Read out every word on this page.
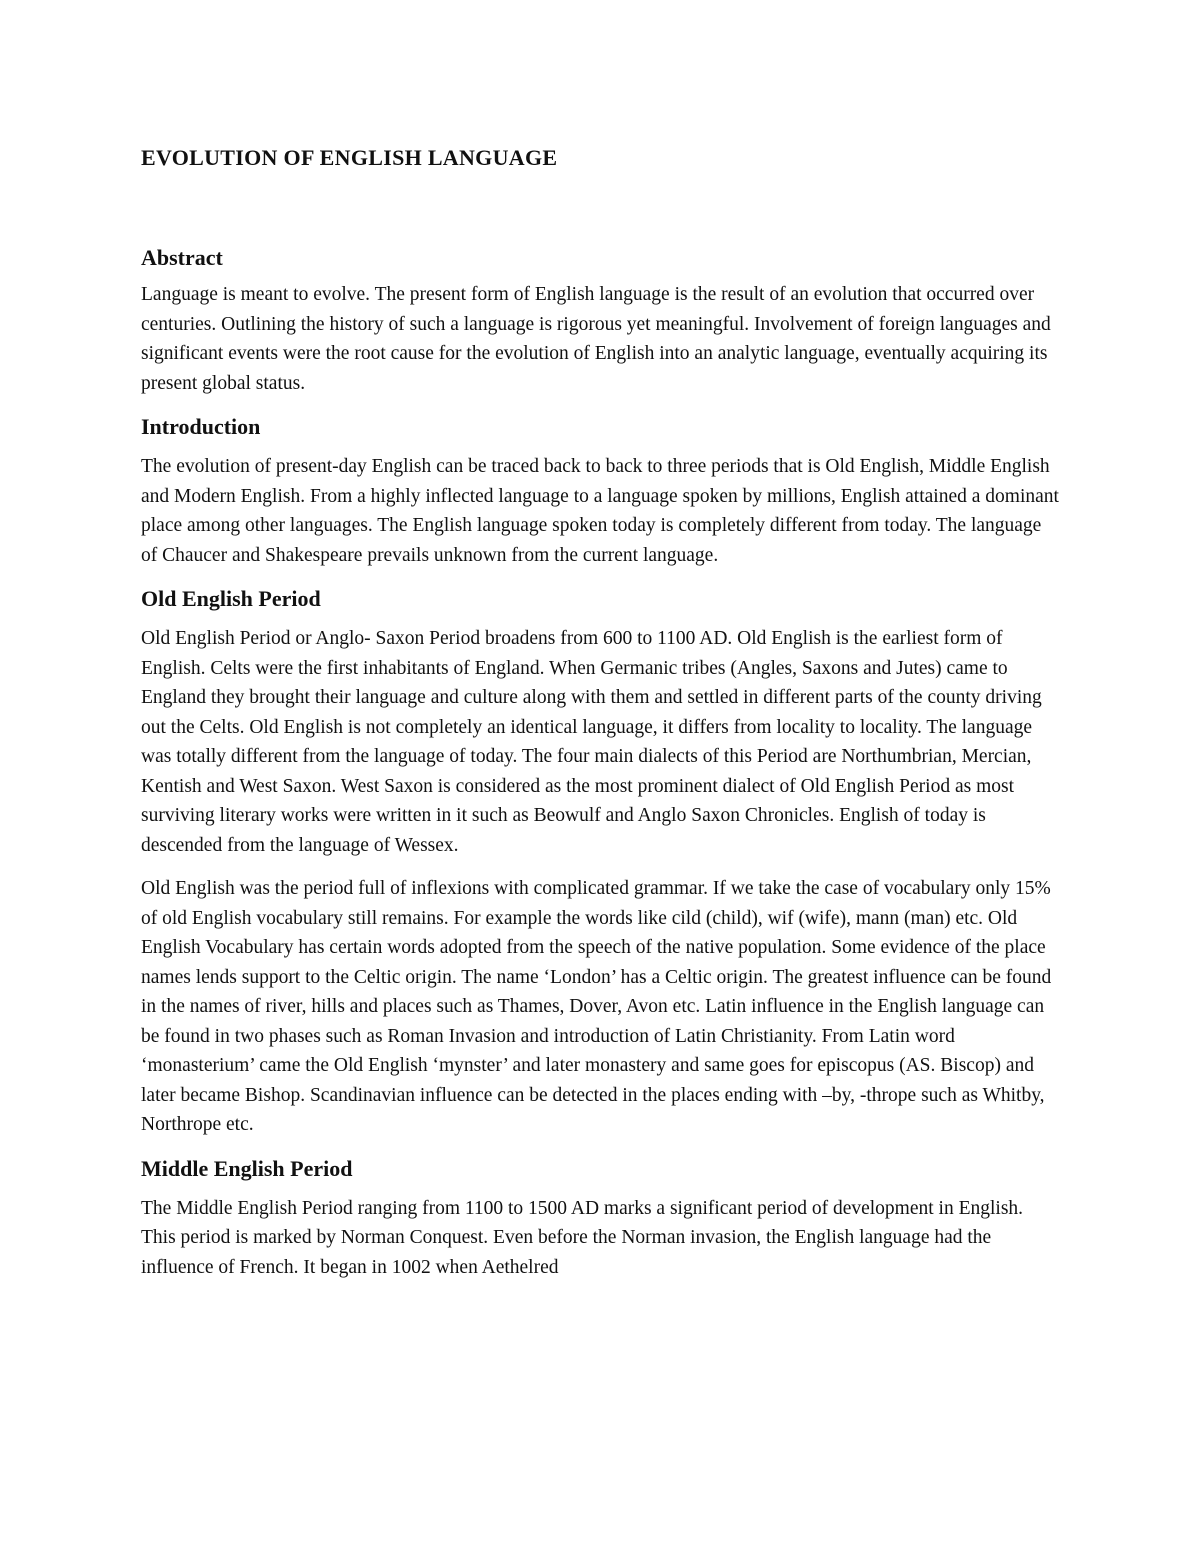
EVOLUTION OF ENGLISH LANGUAGE
Abstract

Language is meant to evolve. The present form of English language is the result of an evolution that occurred over centuries. Outlining the history of such a language is rigorous yet meaningful. Involvement of foreign languages and significant events were the root cause for the evolution of English into an analytic language, eventually acquiring its present global status.

Introduction

The evolution of present-day English can be traced back to back to three periods that is Old English, Middle English and Modern English. From a highly inflected language to a language spoken by millions, English attained a dominant place among other languages. The English language spoken today is completely different from today. The language of Chaucer and Shakespeare prevails unknown from the current language.

Old English Period

Old English Period or Anglo- Saxon Period broadens from 600 to 1100 AD. Old English is the earliest form of English. Celts were the first inhabitants of England. When Germanic tribes (Angles, Saxons and Jutes) came to England they brought their language and culture along with them and settled in different parts of the county driving out the Celts. Old English is not completely an identical language, it differs from locality to locality. The language was totally different from the language of today. The four main dialects of this Period are Northumbrian, Mercian, Kentish and West Saxon. West Saxon is considered as the most prominent dialect of Old English Period as most surviving literary works were written in it such as Beowulf and Anglo Saxon Chronicles. English of today is descended from the language of Wessex.

Old English was the period full of inflexions with complicated grammar. If we take the case of vocabulary only 15% of old English vocabulary still remains. For example the words like cild (child), wif (wife), mann (man) etc. Old English Vocabulary has certain words adopted from the speech of the native population. Some evidence of the place names lends support to the Celtic origin. The name ‘London’ has a Celtic origin. The greatest influence can be found in the names of river, hills and places such as Thames, Dover, Avon etc. Latin influence in the English language can be found in two phases such as Roman Invasion and introduction of Latin Christianity. From Latin word ‘monasterium’ came the Old English ‘mynster’ and later monastery and same goes for episcopus (AS. Biscop) and later became Bishop. Scandinavian influence can be detected in the places ending with –by, -thrope such as Whitby, Northrope etc.

Middle English Period

The Middle English Period ranging from 1100 to 1500 AD marks a significant period of development in English. This period is marked by Norman Conquest. Even before the Norman invasion, the English language had the influence of French. It began in 1002 when Aethelred
